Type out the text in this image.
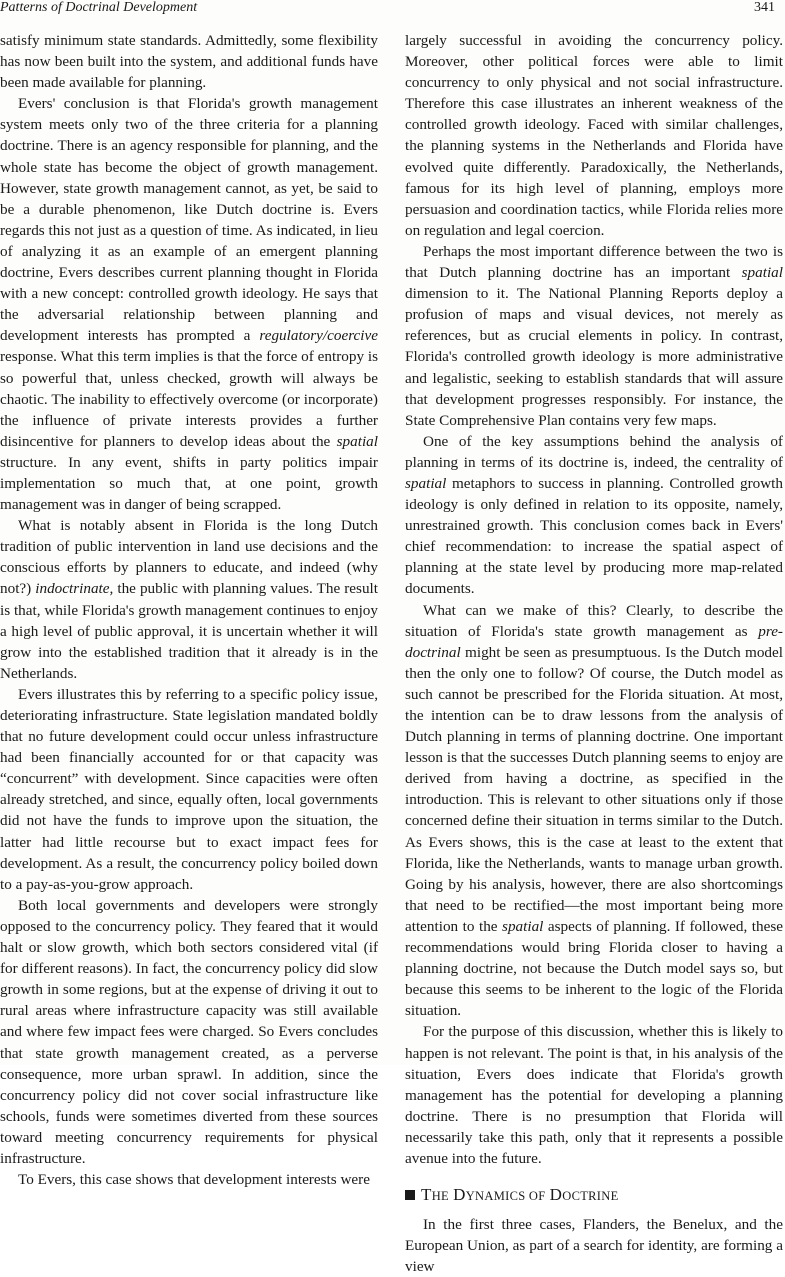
Patterns of Doctrinal Development	341

satisfy minimum state standards. Admittedly, some flexibility has now been built into the system, and additional funds have been made available for planning.

Evers' conclusion is that Florida's growth management system meets only two of the three criteria for a planning doctrine. There is an agency responsible for planning, and the whole state has become the object of growth management. However, state growth management cannot, as yet, be said to be a durable phenomenon, like Dutch doctrine is. Evers regards this not just as a question of time. As indicated, in lieu of analyzing it as an example of an emergent planning doctrine, Evers describes current planning thought in Florida with a new concept: controlled growth ideology. He says that the adversarial relationship between planning and development interests has prompted a regulatory/coercive response. What this term implies is that the force of entropy is so powerful that, unless checked, growth will always be chaotic. The inability to effectively overcome (or incorporate) the influence of private interests provides a further disincentive for planners to develop ideas about the spatial structure. In any event, shifts in party politics impair implementation so much that, at one point, growth management was in danger of being scrapped.

What is notably absent in Florida is the long Dutch tradition of public intervention in land use decisions and the conscious efforts by planners to educate, and indeed (why not?) indoctrinate, the public with planning values. The result is that, while Florida's growth management continues to enjoy a high level of public approval, it is uncertain whether it will grow into the established tradition that it already is in the Netherlands.

Evers illustrates this by referring to a specific policy issue, deteriorating infrastructure. State legislation mandated boldly that no future development could occur unless infrastructure had been financially accounted for or that capacity was “concurrent” with development. Since capacities were often already stretched, and since, equally often, local governments did not have the funds to improve upon the situation, the latter had little recourse but to exact impact fees for development. As a result, the concurrency policy boiled down to a pay-as-you-grow approach.

Both local governments and developers were strongly opposed to the concurrency policy. They feared that it would halt or slow growth, which both sectors considered vital (if for different reasons). In fact, the concurrency policy did slow growth in some regions, but at the expense of driving it out to rural areas where infrastructure capacity was still available and where few impact fees were charged. So Evers concludes that state growth management created, as a perverse consequence, more urban sprawl. In addition, since the concurrency policy did not cover social infrastructure like schools, funds were sometimes diverted from these sources toward meeting concurrency requirements for physical infrastructure.

To Evers, this case shows that development interests were

largely successful in avoiding the concurrency policy. Moreover, other political forces were able to limit concurrency to only physical and not social infrastructure. Therefore this case illustrates an inherent weakness of the controlled growth ideology. Faced with similar challenges, the planning systems in the Netherlands and Florida have evolved quite differently. Paradoxically, the Netherlands, famous for its high level of planning, employs more persuasion and coordination tactics, while Florida relies more on regulation and legal coercion.

Perhaps the most important difference between the two is that Dutch planning doctrine has an important spatial dimension to it. The National Planning Reports deploy a profusion of maps and visual devices, not merely as references, but as crucial elements in policy. In contrast, Florida's controlled growth ideology is more administrative and legalistic, seeking to establish standards that will assure that development progresses responsibly. For instance, the State Comprehensive Plan contains very few maps.

One of the key assumptions behind the analysis of planning in terms of its doctrine is, indeed, the centrality of spatial metaphors to success in planning. Controlled growth ideology is only defined in relation to its opposite, namely, unrestrained growth. This conclusion comes back in Evers' chief recommendation: to increase the spatial aspect of planning at the state level by producing more map-related documents.

What can we make of this? Clearly, to describe the situation of Florida's state growth management as pre-doctrinal might be seen as presumptuous. Is the Dutch model then the only one to follow? Of course, the Dutch model as such cannot be prescribed for the Florida situation. At most, the intention can be to draw lessons from the analysis of Dutch planning in terms of planning doctrine. One important lesson is that the successes Dutch planning seems to enjoy are derived from having a doctrine, as specified in the introduction. This is relevant to other situations only if those concerned define their situation in terms similar to the Dutch. As Evers shows, this is the case at least to the extent that Florida, like the Netherlands, wants to manage urban growth. Going by his analysis, however, there are also shortcomings that need to be rectified—the most important being more attention to the spatial aspects of planning. If followed, these recommendations would bring Florida closer to having a planning doctrine, not because the Dutch model says so, but because this seems to be inherent to the logic of the Florida situation.

For the purpose of this discussion, whether this is likely to happen is not relevant. The point is that, in his analysis of the situation, Evers does indicate that Florida's growth management has the potential for developing a planning doctrine. There is no presumption that Florida will necessarily take this path, only that it represents a possible avenue into the future.

THE DYNAMICS OF DOCTRINE

In the first three cases, Flanders, the Benelux, and the European Union, as part of a search for identity, are forming a view
